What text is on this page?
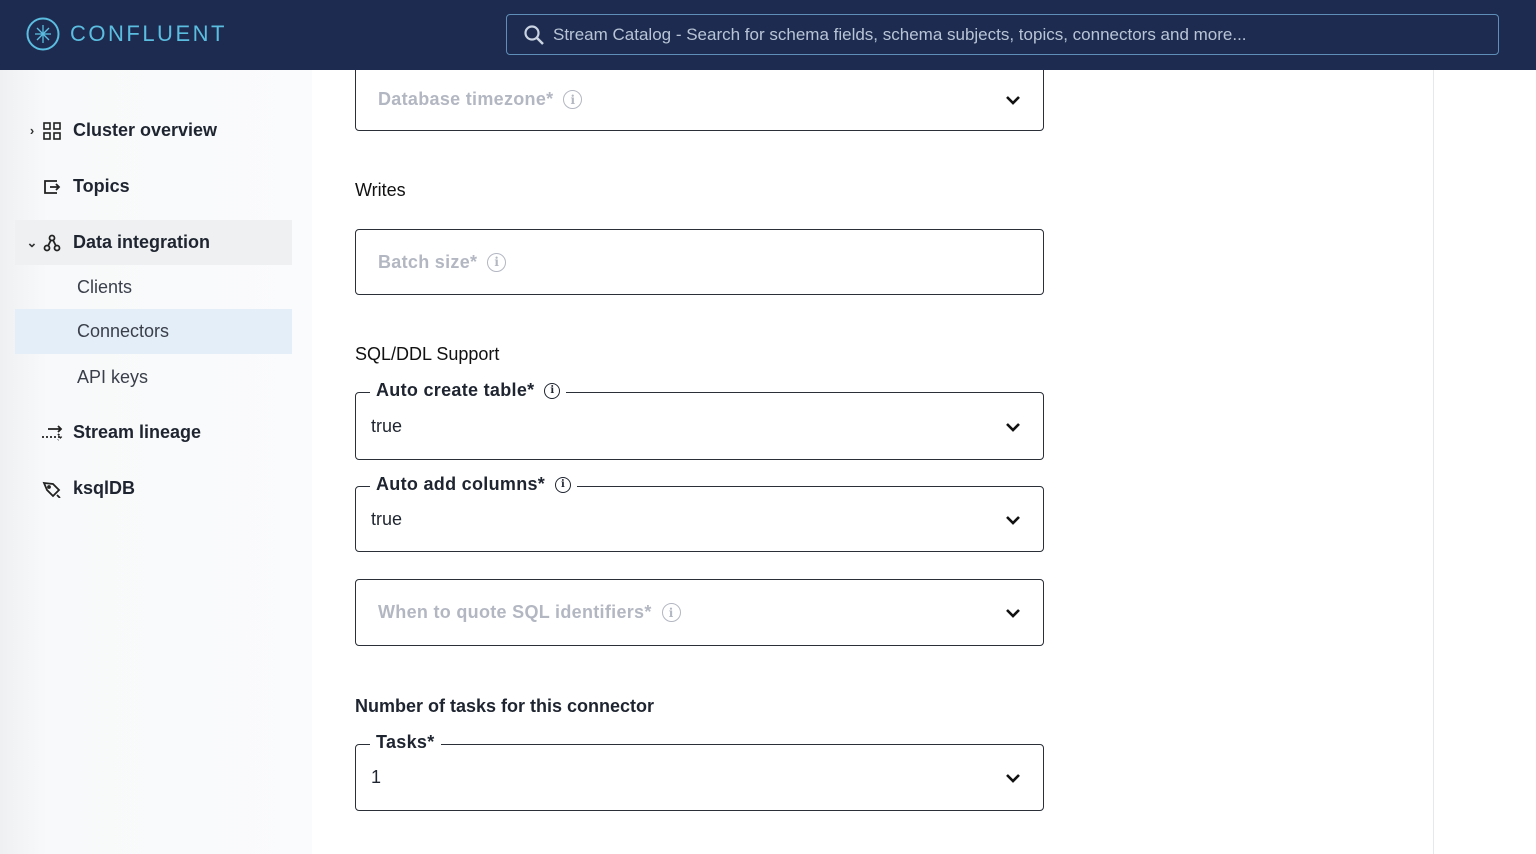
CONFLUENT
Stream Catalog - Search for schema fields, schema subjects, topics, connectors and more...
› Cluster overview
Topics
⌄ Data integration
Clients
Connectors
API keys
Stream lineage
ksqlDB
Database timezone*	i
Writes
Batch size*	i
SQL/DDL Support
Auto create table*	i
true
Auto add columns*	i
true
When to quote SQL identifiers*	i
Number of tasks for this connector
Tasks*
1
